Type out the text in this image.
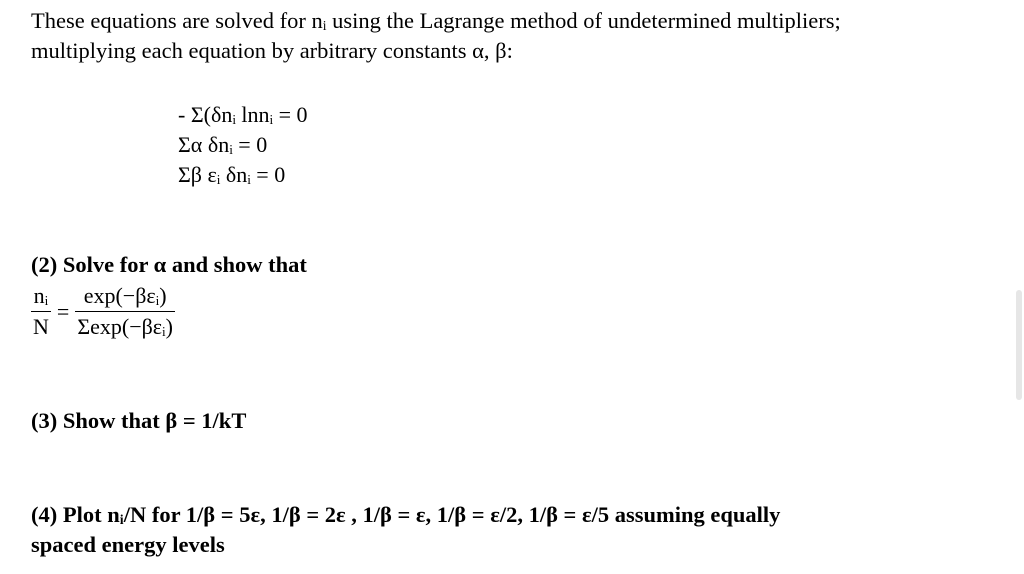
These equations are solved for nᵢ using the Lagrange method of undetermined multipliers;
multiplying each equation by arbitrary constants α, β:
- Σ(δnᵢ lnnᵢ = 0
Σα δnᵢ = 0
Σβ εᵢ δnᵢ = 0
(2) Solve for α and show that
$\frac{\text{nᵢ}}{N} = \frac{\text{exp(−βεᵢ)}}{\text{Σexp(−βεᵢ)}}$
(3) Show that β = 1/kT
(4) Plot nᵢ/N for 1/β = 5ε, 1/β = 2ε , 1/β = ε, 1/β = ε/2, 1/β = ε/5 assuming equally
spaced energy levels
